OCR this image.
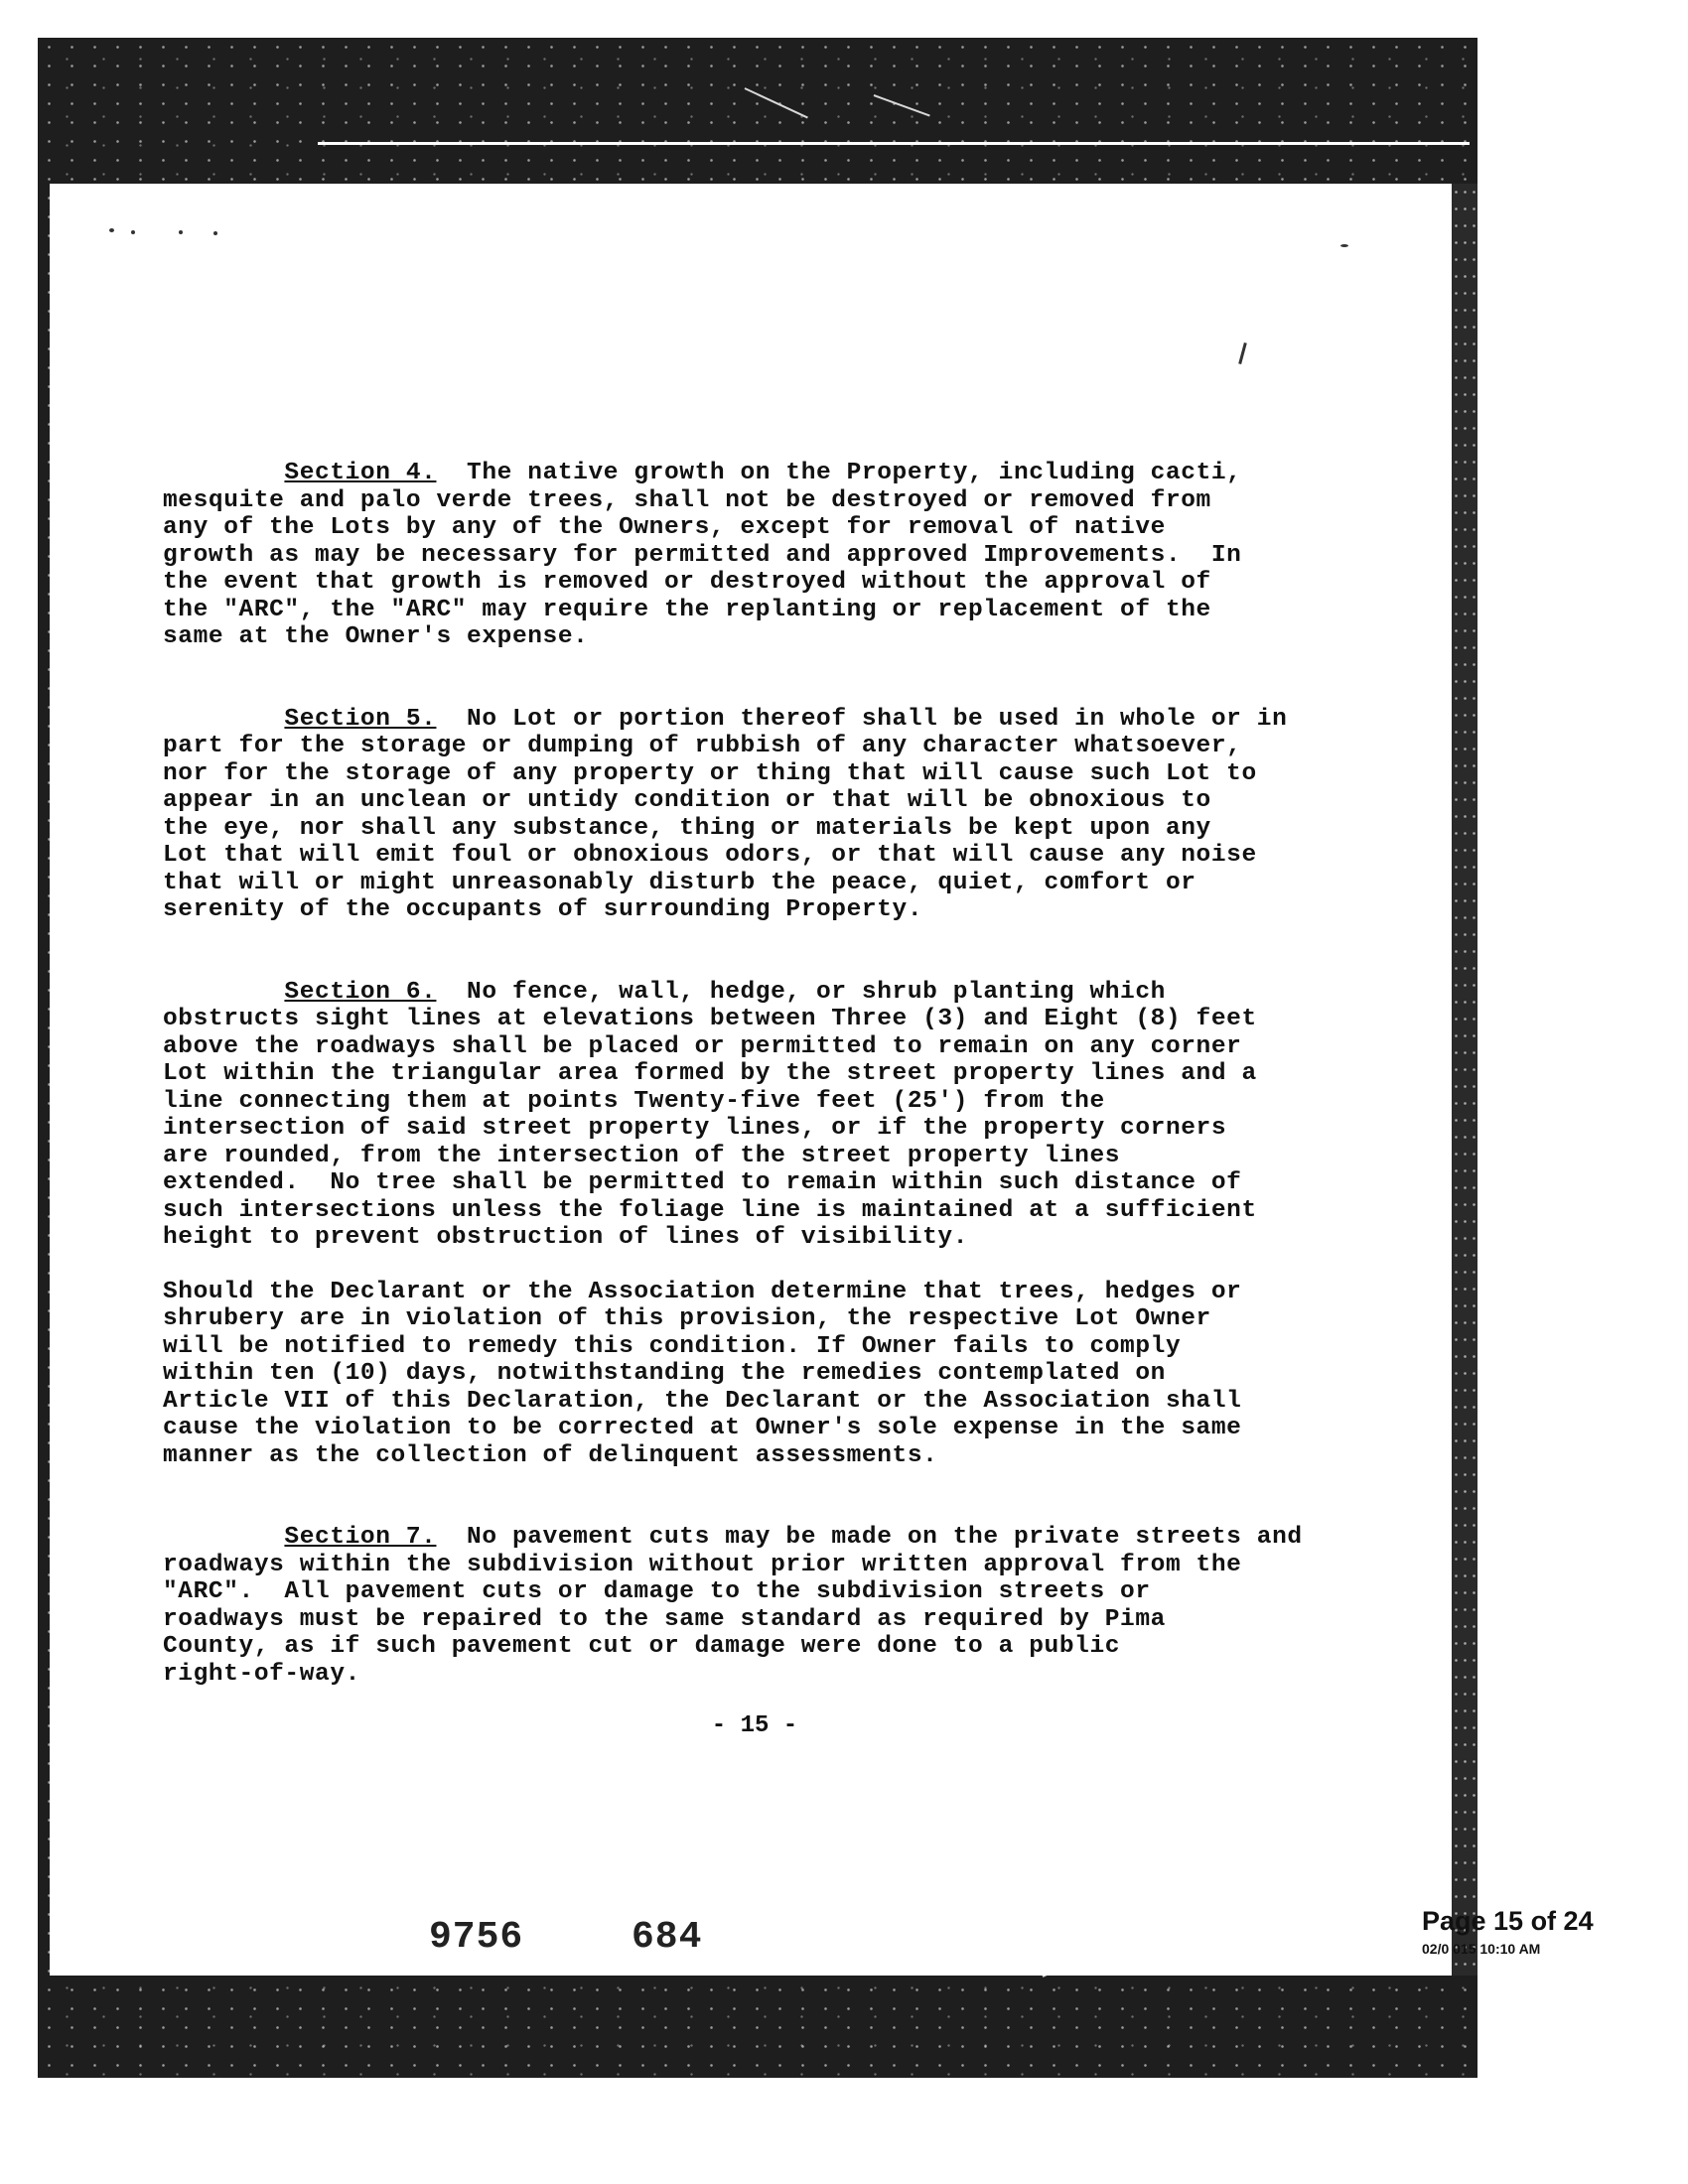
Section 4.  The native growth on the Property, including cacti,
mesquite and palo verde trees, shall not be destroyed or removed from
any of the Lots by any of the Owners, except for removal of native
growth as may be necessary for permitted and approved Improvements.  In
the event that growth is removed or destroyed without the approval of
the "ARC", the "ARC" may require the replanting or replacement of the
same at the Owner's expense.

Section 5.  No Lot or portion thereof shall be used in whole or in
part for the storage or dumping of rubbish of any character whatsoever,
nor for the storage of any property or thing that will cause such Lot to
appear in an unclean or untidy condition or that will be obnoxious to
the eye, nor shall any substance, thing or materials be kept upon any
Lot that will emit foul or obnoxious odors, or that will cause any noise
that will or might unreasonably disturb the peace, quiet, comfort or
serenity of the occupants of surrounding Property.

Section 6.  No fence, wall, hedge, or shrub planting which
obstructs sight lines at elevations between Three (3) and Eight (8) feet
above the roadways shall be placed or permitted to remain on any corner
Lot within the triangular area formed by the street property lines and a
line connecting them at points Twenty-five feet (25') from the
intersection of said street property lines, or if the property corners
are rounded, from the intersection of the street property lines
extended.  No tree shall be permitted to remain within such distance of
such intersections unless the foliage line is maintained at a sufficient
height to prevent obstruction of lines of visibility.

Should the Declarant or the Association determine that trees, hedges or
shrubery are in violation of this provision, the respective Lot Owner
will be notified to remedy this condition. If Owner fails to comply
within ten (10) days, notwithstanding the remedies contemplated on
Article VII of this Declaration, the Declarant or the Association shall
cause the violation to be corrected at Owner's sole expense in the same
manner as the collection of delinquent assessments.

Section 7.  No pavement cuts may be made on the private streets and
roadways within the subdivision without prior written approval from the
"ARC".  All pavement cuts or damage to the subdivision streets or
roadways must be repaired to the same standard as required by Pima
County, as if such pavement cut or damage were done to a public
right-of-way.

- 15 -
9756	684	Page 15 of 24
02/0 015 10:10 AM
